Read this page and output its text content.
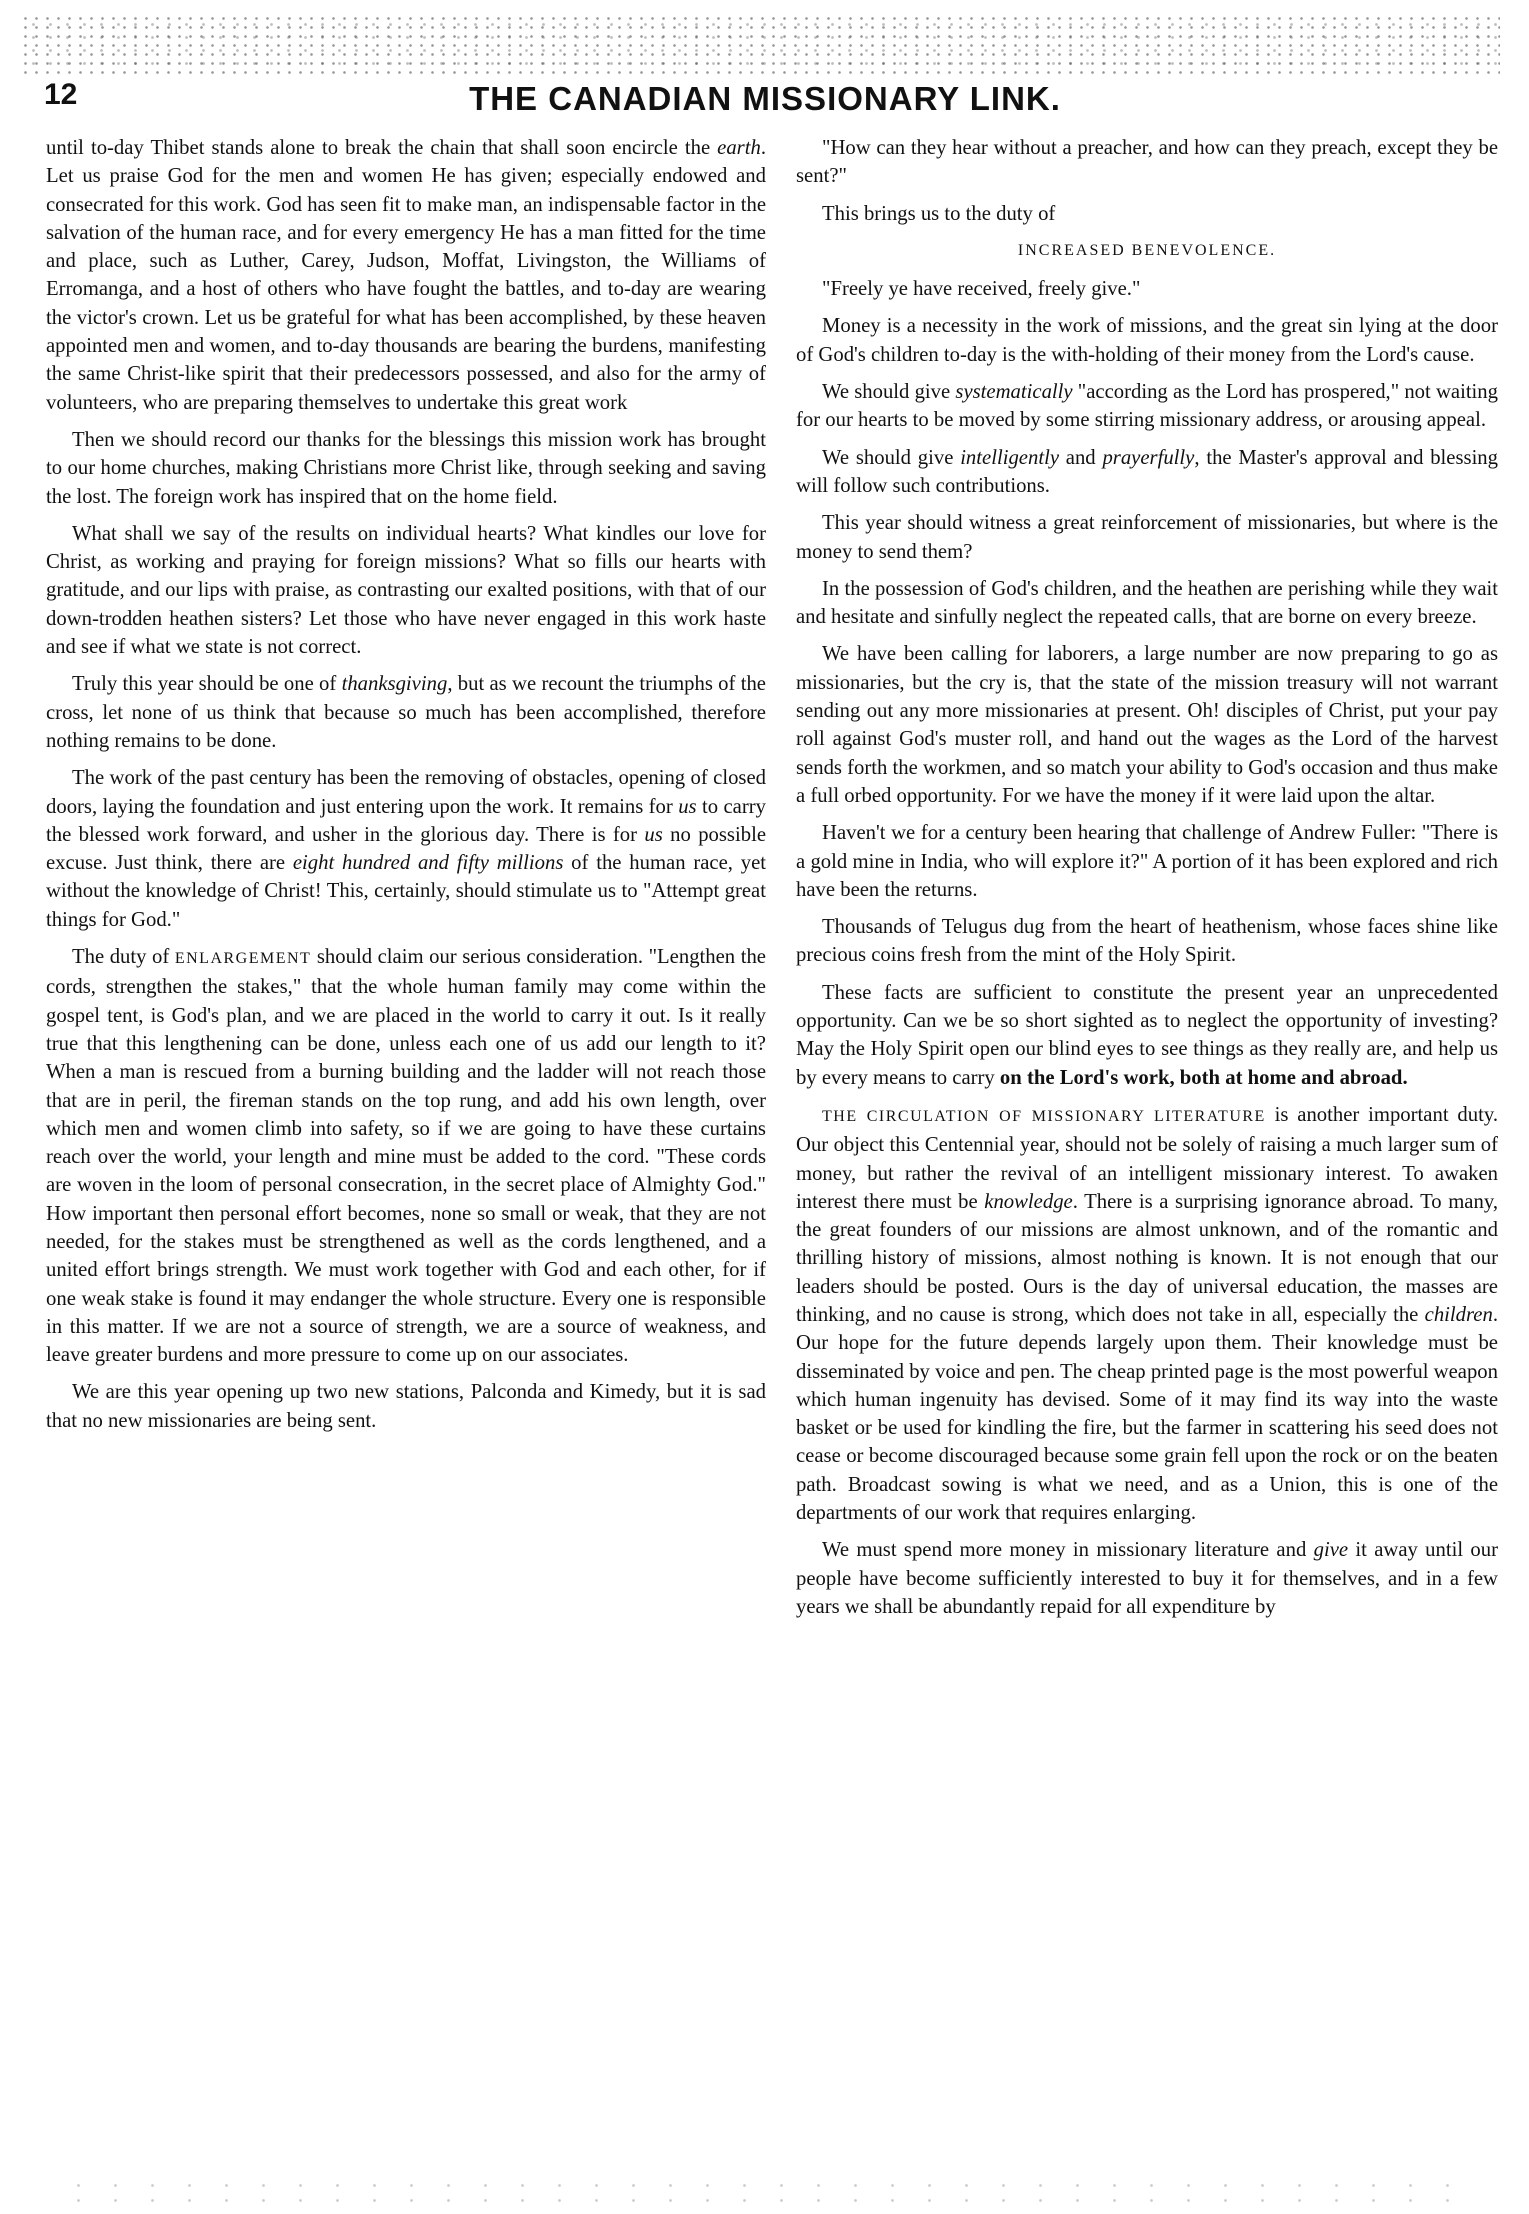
12	THE CANADIAN MISSIONARY LINK.

until to-day Thibet stands alone to break the chain that shall soon encircle the earth. Let us praise God for the men and women He has given; especially endowed and consecrated for this work. God has seen fit to make man, an indispensable factor in the salvation of the human race, and for every emergency He has a man fitted for the time and place, such as Luther, Carey, Judson, Moffat, Livingston, the Williams of Erromanga, and a host of others who have fought the battles, and to-day are wearing the victor's crown. Let us be grateful for what has been accomplished, by these heaven appointed men and women, and to-day thousands are bearing the burdens, manifesting the same Christ-like spirit that their predecessors possessed, and also for the army of volunteers, who are preparing themselves to undertake this great work

Then we should record our thanks for the blessings this mission work has brought to our home churches, making Christians more Christ like, through seeking and saving the lost. The foreign work has inspired that on the home field.

What shall we say of the results on individual hearts? What kindles our love for Christ, as working and praying for foreign missions? What so fills our hearts with gratitude, and our lips with praise, as contrasting our exalted positions, with that of our down-trodden heathen sisters? Let those who have never engaged in this work haste and see if what we state is not correct.

Truly this year should be one of thanksgiving, but as we recount the triumphs of the cross, let none of us think that because so much has been accomplished, therefore nothing remains to be done.

The work of the past century has been the removing of obstacles, opening of closed doors, laying the foundation and just entering upon the work. It remains for us to carry the blessed work forward, and usher in the glorious day. There is for us no possible excuse. Just think, there are eight hundred and fifty millions of the human race, yet without the knowledge of Christ! This, certainly, should stimulate us to "Attempt great things for God."

The duty of ENLARGEMENT should claim our serious consideration. "Lengthen the cords, strengthen the stakes," that the whole human family may come within the gospel tent, is God's plan, and we are placed in the world to carry it out. Is it really true that this lengthening can be done, unless each one of us add our length to it? When a man is rescued from a burning building and the ladder will not reach those that are in peril, the fireman stands on the top rung, and add his own length, over which men and women climb into safety, so if we are going to have these curtains reach over the world, your length and mine must be added to the cord. "These cords are woven in the loom of personal consecration, in the secret place of Almighty God." How important then personal effort becomes, none so small or weak, that they are not needed, for the stakes must be strengthened as well as the cords lengthened, and a united effort brings strength. We must work together with God and each other, for if one weak stake is found it may endanger the whole structure. Every one is responsible in this matter. If we are not a source of strength, we are a source of weakness, and leave greater burdens and more pressure to come up on our associates.

We are this year opening up two new stations, Palconda and Kimedy, but it is sad that no new missionaries are being sent.

"How can they hear without a preacher, and how can they preach, except they be sent?"

This brings us to the duty of

INCREASED BENEVOLENCE.

"Freely ye have received, freely give."

Money is a necessity in the work of missions, and the great sin lying at the door of God's children to-day is the with-holding of their money from the Lord's cause.

We should give systematically "according as the Lord has prospered," not waiting for our hearts to be moved by some stirring missionary address, or arousing appeal.

We should give intelligently and prayerfully, the Master's approval and blessing will follow such contributions.

This year should witness a great reinforcement of missionaries, but where is the money to send them?

In the possession of God's children, and the heathen are perishing while they wait and hesitate and sinfully neglect the repeated calls, that are borne on every breeze.

We have been calling for laborers, a large number are now preparing to go as missionaries, but the cry is, that the state of the mission treasury will not warrant sending out any more missionaries at present. Oh! disciples of Christ, put your pay roll against God's muster roll, and hand out the wages as the Lord of the harvest sends forth the workmen, and so match your ability to God's occasion and thus make a full orbed opportunity. For we have the money if it were laid upon the altar.

Haven't we for a century been hearing that challenge of Andrew Fuller: "There is a gold mine in India, who will explore it?" A portion of it has been explored and rich have been the returns.

Thousands of Telugus dug from the heart of heathenism, whose faces shine like precious coins fresh from the mint of the Holy Spirit.

These facts are sufficient to constitute the present year an unprecedented opportunity. Can we be so short sighted as to neglect the opportunity of investing? May the Holy Spirit open our blind eyes to see things as they really are, and help us by every means to carry on the Lord's work, both at home and abroad.

THE CIRCULATION OF MISSIONARY LITERATURE is another important duty. Our object this Centennial year, should not be solely of raising a much larger sum of money, but rather the revival of an intelligent missionary interest. To awaken interest there must be knowledge. There is a surprising ignorance abroad. To many, the great founders of our missions are almost unknown, and of the romantic and thrilling history of missions, almost nothing is known. It is not enough that our leaders should be posted. Ours is the day of universal education, the masses are thinking, and no cause is strong, which does not take in all, especially the children. Our hope for the future depends largely upon them. Their knowledge must be disseminated by voice and pen. The cheap printed page is the most powerful weapon which human ingenuity has devised. Some of it may find its way into the waste basket or be used for kindling the fire, but the farmer in scattering his seed does not cease or become discouraged because some grain fell upon the rock or on the beaten path. Broadcast sowing is what we need, and as a Union, this is one of the departments of our work that requires enlarging.

We must spend more money in missionary literature and give it away until our people have become sufficiently interested to buy it for themselves, and in a few years we shall be abundantly repaid for all expenditure by
